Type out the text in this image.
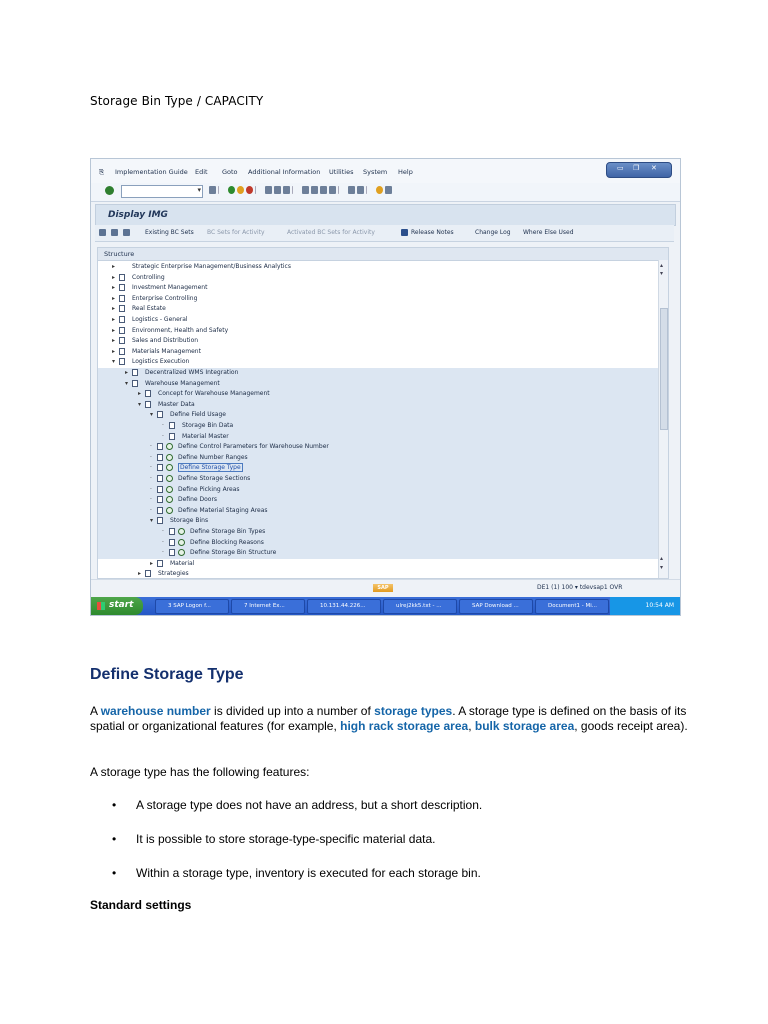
Storage Bin Type / CAPACITY
⎘ Implementation Guide Edit Goto Additional Information Utilities System Help	▭ ❐ ✕
▾

Display IMG
Existing BC Sets BC Sets for Activity	Activated BC Sets for Activity	Release Notes	Change Log Where Else Used
Structure
▸	Strategic Enterprise Management/Business Analytics
▸	Controlling
▸	Investment Management
▸	Enterprise Controlling
▸	Real Estate
▸	Logistics - General
▸	Environment, Health and Safety
▸	Sales and Distribution
▸	Materials Management
▾	Logistics Execution
▸	Decentralized WMS Integration
▾	Warehouse Management
▸	Concept for Warehouse Management
▾	Master Data
▾	Define Field Usage
·	Storage Bin Data
·	Material Master
·	Define Control Parameters for Warehouse Number
·	Define Number Ranges
·	Define Storage Type
·	Define Storage Sections
·	Define Picking Areas
·	Define Doors
·	Define Material Staging Areas
▾	Storage Bins
·	Define Storage Bin Types
·	Define Blocking Reasons
·	Define Storage Bin Structure
▸	Material
▸	Strategies
▴
▾
▴
▾
SAP	DE1 (1) 100 ▾ tdevsap1 OVR
start	3 SAP Logon f...	7 Internet Ex...	10.131.44.226...	ulrej2kk5.txt - ...	SAP Download ...	Document1 - Mi...	10:54 AM
Define Storage Type
A warehouse number is divided up into a number of storage types. A storage type is defined on the basis of its spatial or organizational features (for example, high rack storage area, bulk storage area, goods receipt area).
A storage type has the following features:
• A storage type does not have an address, but a short description.
• It is possible to store storage-type-specific material data.
• Within a storage type, inventory is executed for each storage bin.
Standard settings
